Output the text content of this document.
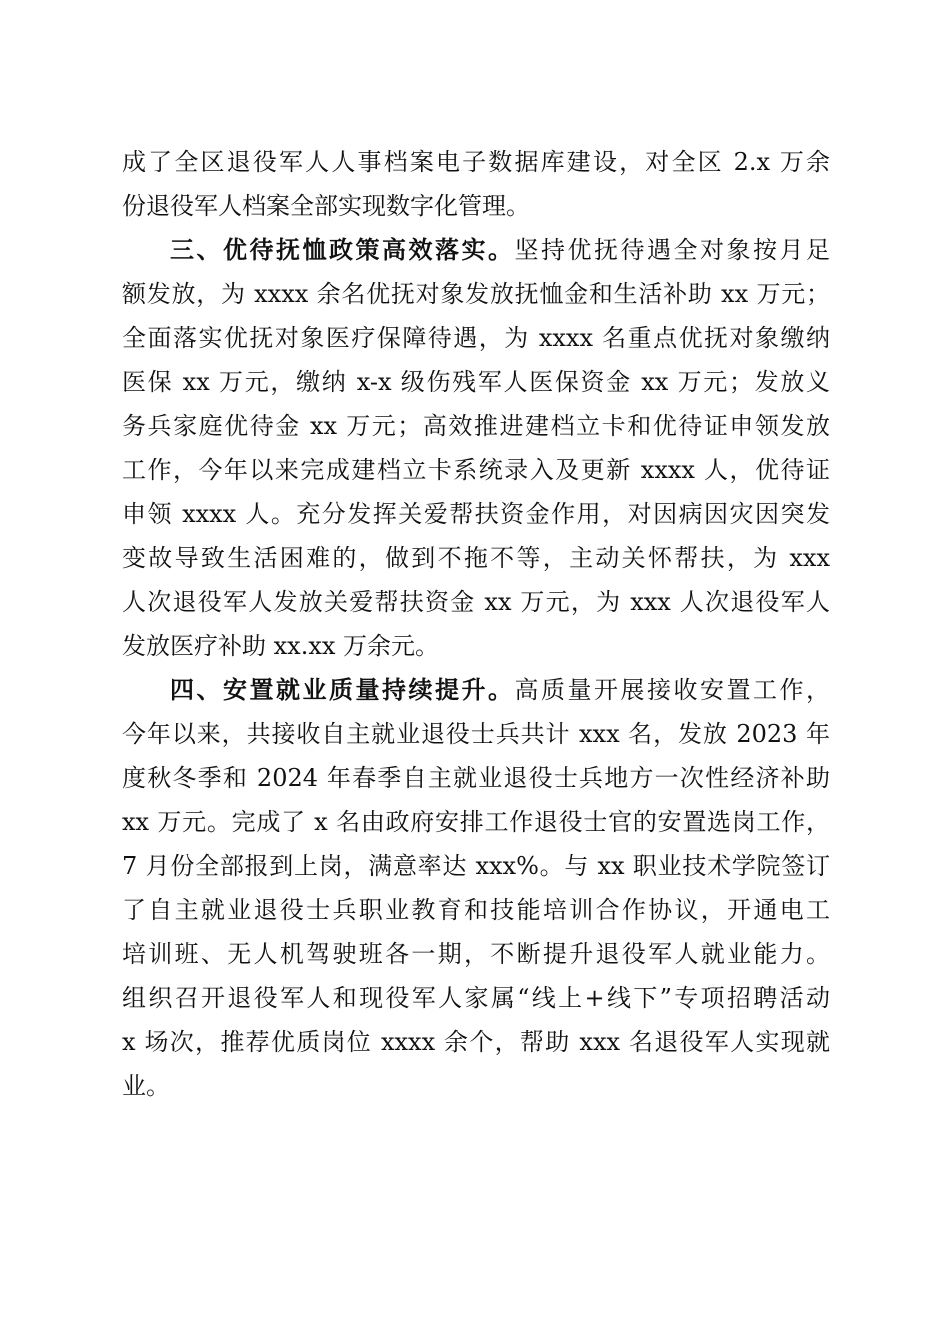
成了全区退役军人人事档案电子数据库建设，对全区 2.x 万余
份退役军人档案全部实现数字化管理。
三、优待抚恤政策高效落实。坚持优抚待遇全对象按月足
额发放，为 xxxx 余名优抚对象发放抚恤金和生活补助 xx 万元；
全面落实优抚对象医疗保障待遇，为 xxxx 名重点优抚对象缴纳
医保 xx 万元，缴纳 x-x 级伤残军人医保资金 xx 万元；发放义
务兵家庭优待金 xx 万元；高效推进建档立卡和优待证申领发放
工作，今年以来完成建档立卡系统录入及更新 xxxx 人，优待证
申领 xxxx 人。充分发挥关爱帮扶资金作用，对因病因灾因突发
变故导致生活困难的，做到不拖不等，主动关怀帮扶，为 xxx
人次退役军人发放关爱帮扶资金 xx 万元，为 xxx 人次退役军人
发放医疗补助 xx.xx 万余元。
四、安置就业质量持续提升。高质量开展接收安置工作，
今年以来，共接收自主就业退役士兵共计 xxx 名，发放 2023 年
度秋冬季和 2024 年春季自主就业退役士兵地方一次性经济补助
xx 万元。完成了 x 名由政府安排工作退役士官的安置选岗工作，
7 月份全部报到上岗，满意率达 xxx%。与 xx 职业技术学院签订
了自主就业退役士兵职业教育和技能培训合作协议，开通电工
培训班、无人机驾驶班各一期，不断提升退役军人就业能力。
组织召开退役军人和现役军人家属“线上+线下”专项招聘活动
x 场次，推荐优质岗位 xxxx 余个，帮助 xxx 名退役军人实现就
业。
